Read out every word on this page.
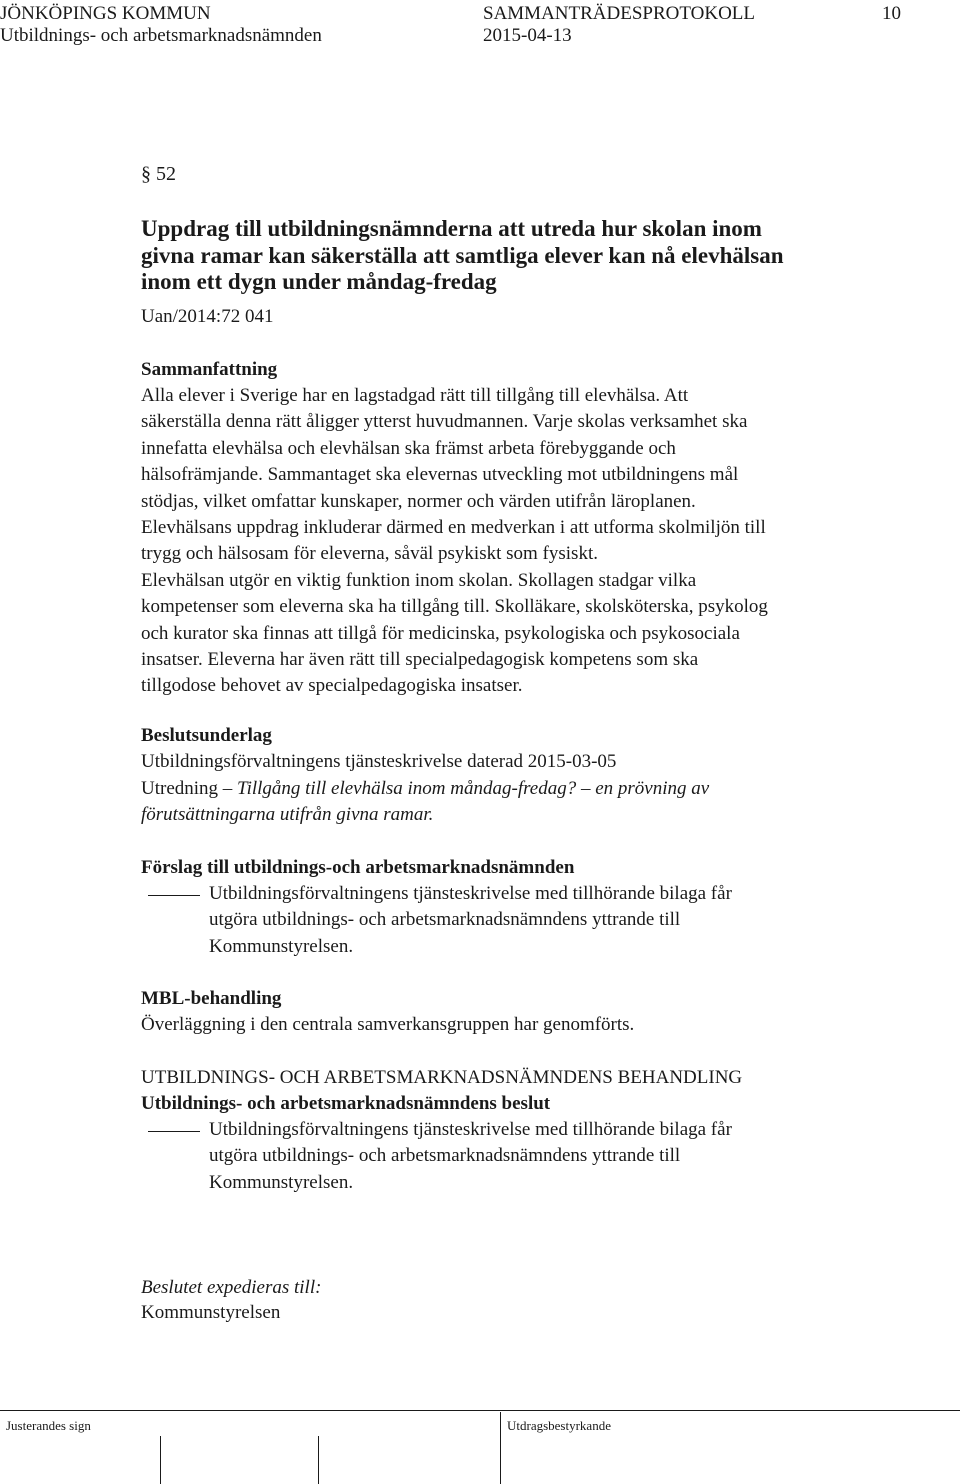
JÖNKÖPINGS KOMMUN
Utbildnings- och arbetsmarknadsnämnden
SAMMANTRÄDESPROTOKOLL
2015-04-13
10
§ 52
Uppdrag till utbildningsnämnderna att utreda hur skolan inom
givna ramar kan säkerställa att samtliga elever kan nå elevhälsan
inom ett dygn under måndag-fredag
Uan/2014:72 041
Sammanfattning
Alla elever i Sverige har en lagstadgad rätt till tillgång till elevhälsa. Att
säkerställa denna rätt åligger ytterst huvudmannen. Varje skolas verksamhet ska
innefatta elevhälsa och elevhälsan ska främst arbeta förebyggande och
hälsofrämjande. Sammantaget ska elevernas utveckling mot utbildningens mål
stödjas, vilket omfattar kunskaper, normer och värden utifrån läroplanen.
Elevhälsans uppdrag inkluderar därmed en medverkan i att utforma skolmiljön till
trygg och hälsosam för eleverna, såväl psykiskt som fysiskt.
Elevhälsan utgör en viktig funktion inom skolan. Skollagen stadgar vilka
kompetenser som eleverna ska ha tillgång till. Skolläkare, skolsköterska, psykolog
och kurator ska finnas att tillgå för medicinska, psykologiska och psykosociala
insatser. Eleverna har även rätt till specialpedagogisk kompetens som ska
tillgodose behovet av specialpedagogiska insatser.
Beslutsunderlag
Utbildningsförvaltningens tjänsteskrivelse daterad 2015-03-05
Utredning – Tillgång till elevhälsa inom måndag-fredag? – en prövning av
förutsättningarna utifrån givna ramar.
Förslag till utbildnings-och arbetsmarknadsnämnden
Utbildningsförvaltningens tjänsteskrivelse med tillhörande bilaga får
utgöra utbildnings- och arbetsmarknadsnämndens yttrande till
Kommunstyrelsen.
MBL-behandling
Överläggning i den centrala samverkansgruppen har genomförts.
UTBILDNINGS- OCH ARBETSMARKNADSNÄMNDENS BEHANDLING
Utbildnings- och arbetsmarknadsnämndens beslut
Utbildningsförvaltningens tjänsteskrivelse med tillhörande bilaga får
utgöra utbildnings- och arbetsmarknadsnämndens yttrande till
Kommunstyrelsen.
Beslutet expedieras till:
Kommunstyrelsen
Justerandes sign	Utdragsbestyrkande
